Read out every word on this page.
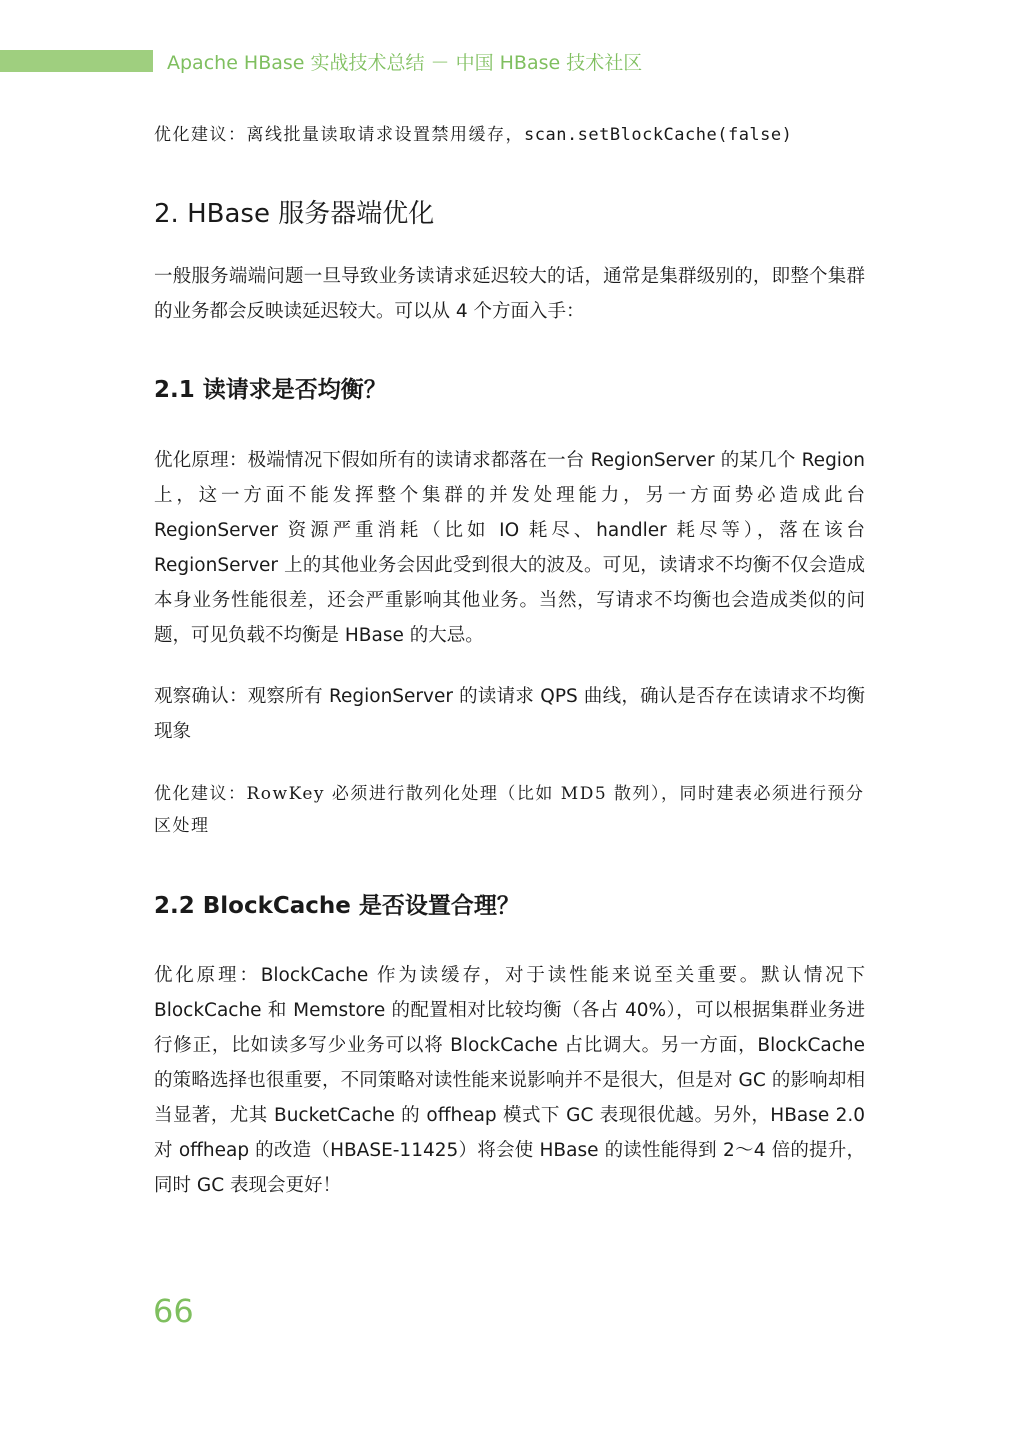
Apache HBase 实战技术总结 － 中国 HBase 技术社区

优化建议：离线批量读取请求设置禁用缓存，scan.setBlockCache(false)

2. HBase 服务器端优化

一般服务端端问题一旦导致业务读请求延迟较大的话，通常是集群级别的，即整个集群的业务都会反映读延迟较大。可以从 4 个方面入手：

2.1 读请求是否均衡？

优化原理：极端情况下假如所有的读请求都落在一台 RegionServer 的某几个 Region 上，这一方面不能发挥整个集群的并发处理能力，另一方面势必造成此台 RegionServer 资源严重消耗（比如 IO 耗尽、handler 耗尽等），落在该台 RegionServer 上的其他业务会因此受到很大的波及。可见，读请求不均衡不仅会造成本身业务性能很差，还会严重影响其他业务。当然，写请求不均衡也会造成类似的问题，可见负载不均衡是 HBase 的大忌。

观察确认：观察所有 RegionServer 的读请求 QPS 曲线，确认是否存在读请求不均衡现象

优化建议：RowKey 必须进行散列化处理（比如 MD5 散列），同时建表必须进行预分区处理

2.2 BlockCache 是否设置合理？

优化原理：BlockCache 作为读缓存，对于读性能来说至关重要。默认情况下 BlockCache 和 Memstore 的配置相对比较均衡（各占 40%），可以根据集群业务进行修正，比如读多写少业务可以将 BlockCache 占比调大。另一方面，BlockCache 的策略选择也很重要，不同策略对读性能来说影响并不是很大，但是对 GC 的影响却相当显著，尤其 BucketCache 的 offheap 模式下 GC 表现很优越。另外，HBase 2.0 对 offheap 的改造（HBASE-11425）将会使 HBase 的读性能得到 2～4 倍的提升，同时 GC 表现会更好！

66
